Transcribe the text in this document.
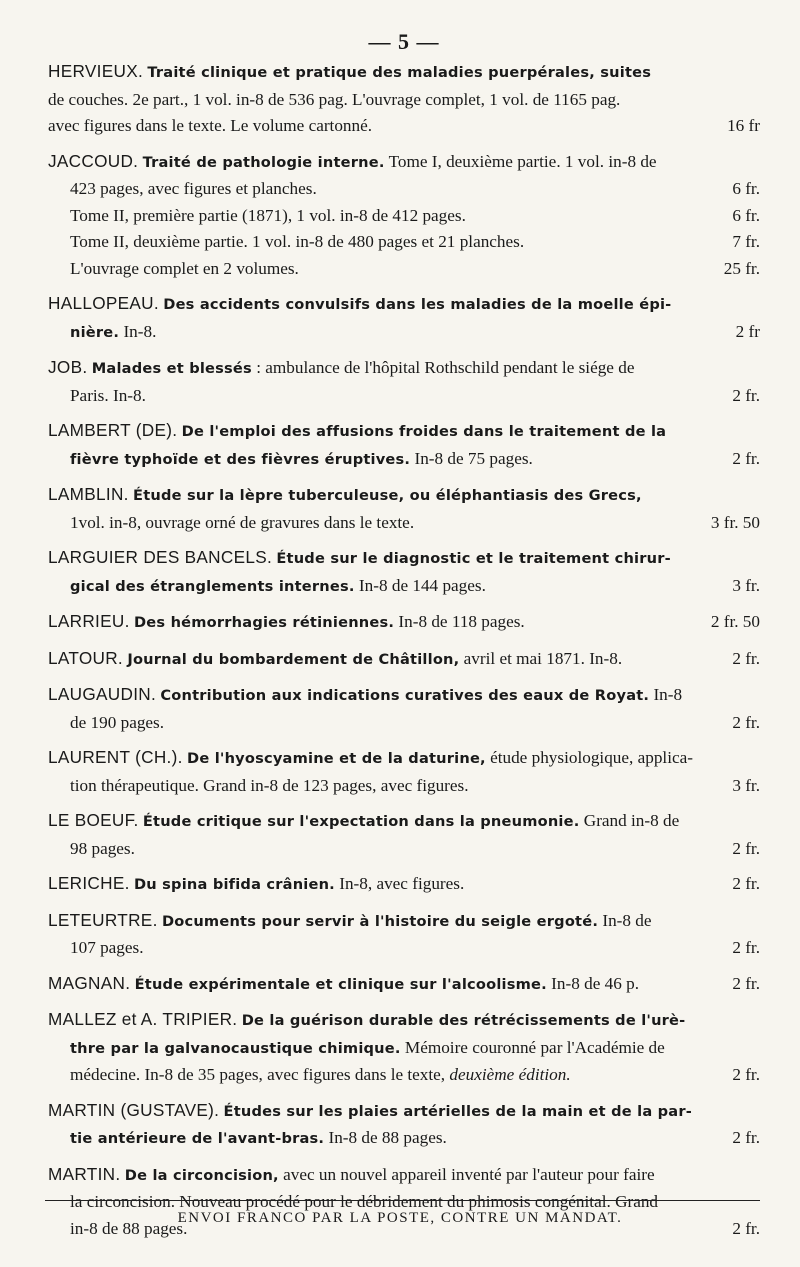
— 5 —
HERVIEUX. Traité clinique et pratique des maladies puerpérales, suites
de couches. 2e part., 1 vol. in-8 de 536 pag. L'ouvrage complet, 1 vol. de 1165 pag.
avec figures dans le texte. Le volume cartonné.	16 fr
JACCOUD. Traité de pathologie interne. Tome I, deuxième partie. 1 vol. in-8 de
423 pages, avec figures et planches.	6 fr.
Tome II, première partie (1871), 1 vol. in-8 de 412 pages.	6 fr.
Tome II, deuxième partie. 1 vol. in-8 de 480 pages et 21 planches.	7 fr.
L'ouvrage complet en 2 volumes.	25 fr.
HALLOPEAU. Des accidents convulsifs dans les maladies de la moelle épi-
nière. In-8.	2 fr
JOB. Malades et blessés : ambulance de l'hôpital Rothschild pendant le siége de
Paris. In-8.	2 fr.
LAMBERT (DE). De l'emploi des affusions froides dans le traitement de la
fièvre typhoïde et des fièvres éruptives. In-8 de 75 pages.	2 fr.
LAMBLIN. Étude sur la lèpre tuberculeuse, ou éléphantiasis des Grecs,
1vol. in-8, ouvrage orné de gravures dans le texte.	3 fr. 50
LARGUIER DES BANCELS. Étude sur le diagnostic et le traitement chirur-
gical des étranglements internes. In-8 de 144 pages.	3 fr.
LARRIEU. Des hémorrhagies rétiniennes. In-8 de 118 pages.	2 fr. 50
LATOUR. Journal du bombardement de Châtillon, avril et mai 1871. In-8.	2 fr.
LAUGAUDIN. Contribution aux indications curatives des eaux de Royat. In-8
de 190 pages.	2 fr.
LAURENT (CH.). De l'hyoscyamine et de la daturine, étude physiologique, applica-
tion thérapeutique. Grand in-8 de 123 pages, avec figures.	3 fr.
LE BOEUF. Étude critique sur l'expectation dans la pneumonie. Grand in-8 de
98 pages.	2 fr.
LERICHE. Du spina bifida crânien. In-8, avec figures.	2 fr.
LETEURTRE. Documents pour servir à l'histoire du seigle ergoté. In-8 de
107 pages.	2 fr.
MAGNAN. Étude expérimentale et clinique sur l'alcoolisme. In-8 de 46 p.	2 fr.
MALLEZ et A. TRIPIER. De la guérison durable des rétrécissements de l'urè-
thre par la galvanocaustique chimique. Mémoire couronné par l'Académie de
médecine. In-8 de 35 pages, avec figures dans le texte, deuxième édition.	2 fr.
MARTIN (GUSTAVE). Études sur les plaies artérielles de la main et de la par-
tie antérieure de l'avant-bras. In-8 de 88 pages.	2 fr.
MARTIN. De la circoncision, avec un nouvel appareil inventé par l'auteur pour faire
la circoncision. Nouveau procédé pour le débridement du phimosis congénital. Grand
in-8 de 88 pages.	2 fr.
ENVOI FRANCO PAR LA POSTE, CONTRE UN MANDAT.
